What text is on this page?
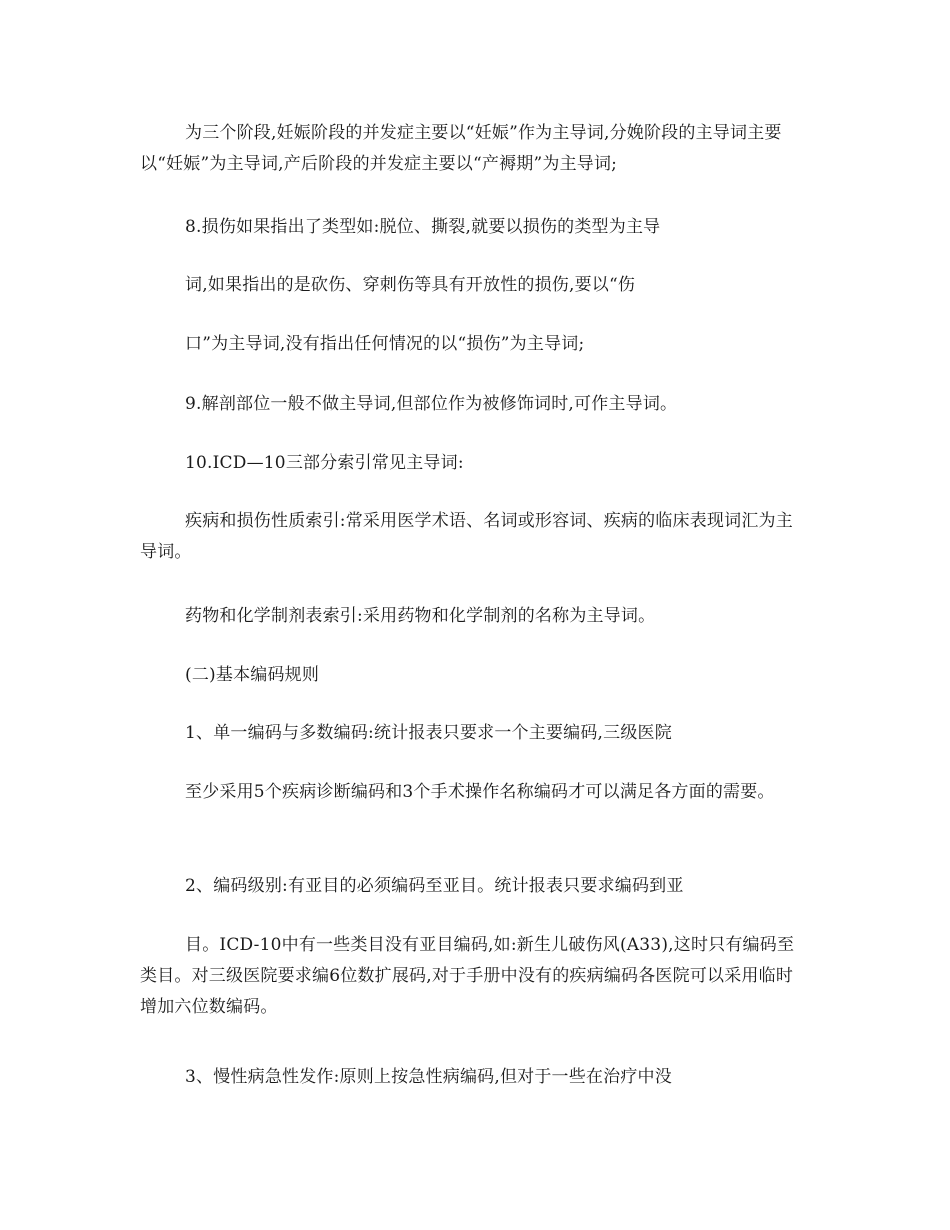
为三个阶段,妊娠阶段的并发症主要以“妊娠”作为主导词,分娩阶段的主导词主要以“妊娠”为主导词,产后阶段的并发症主要以“产褥期”为主导词;

8.损伤如果指出了类型如:脱位、撕裂,就要以损伤的类型为主导

词,如果指出的是砍伤、穿刺伤等具有开放性的损伤,要以“伤

口”为主导词,没有指出任何情况的以“损伤”为主导词;

9.解剖部位一般不做主导词,但部位作为被修饰词时,可作主导词。

10.ICD—10三部分索引常见主导词:

疾病和损伤性质索引:常采用医学术语、名词或形容词、疾病的临床表现词汇为主导词。

药物和化学制剂表索引:采用药物和化学制剂的名称为主导词。

(二)基本编码规则

1、单一编码与多数编码:统计报表只要求一个主要编码,三级医院

至少采用5个疾病诊断编码和3个手术操作名称编码才可以满足各方面的需要。

2、编码级别:有亚目的必须编码至亚目。统计报表只要求编码到亚

目。ICD-10中有一些类目没有亚目编码,如:新生儿破伤风(A33),这时只有编码至类目。对三级医院要求编6位数扩展码,对于手册中没有的疾病编码各医院可以采用临时增加六位数编码。

3、慢性病急性发作:原则上按急性病编码,但对于一些在治疗中没
